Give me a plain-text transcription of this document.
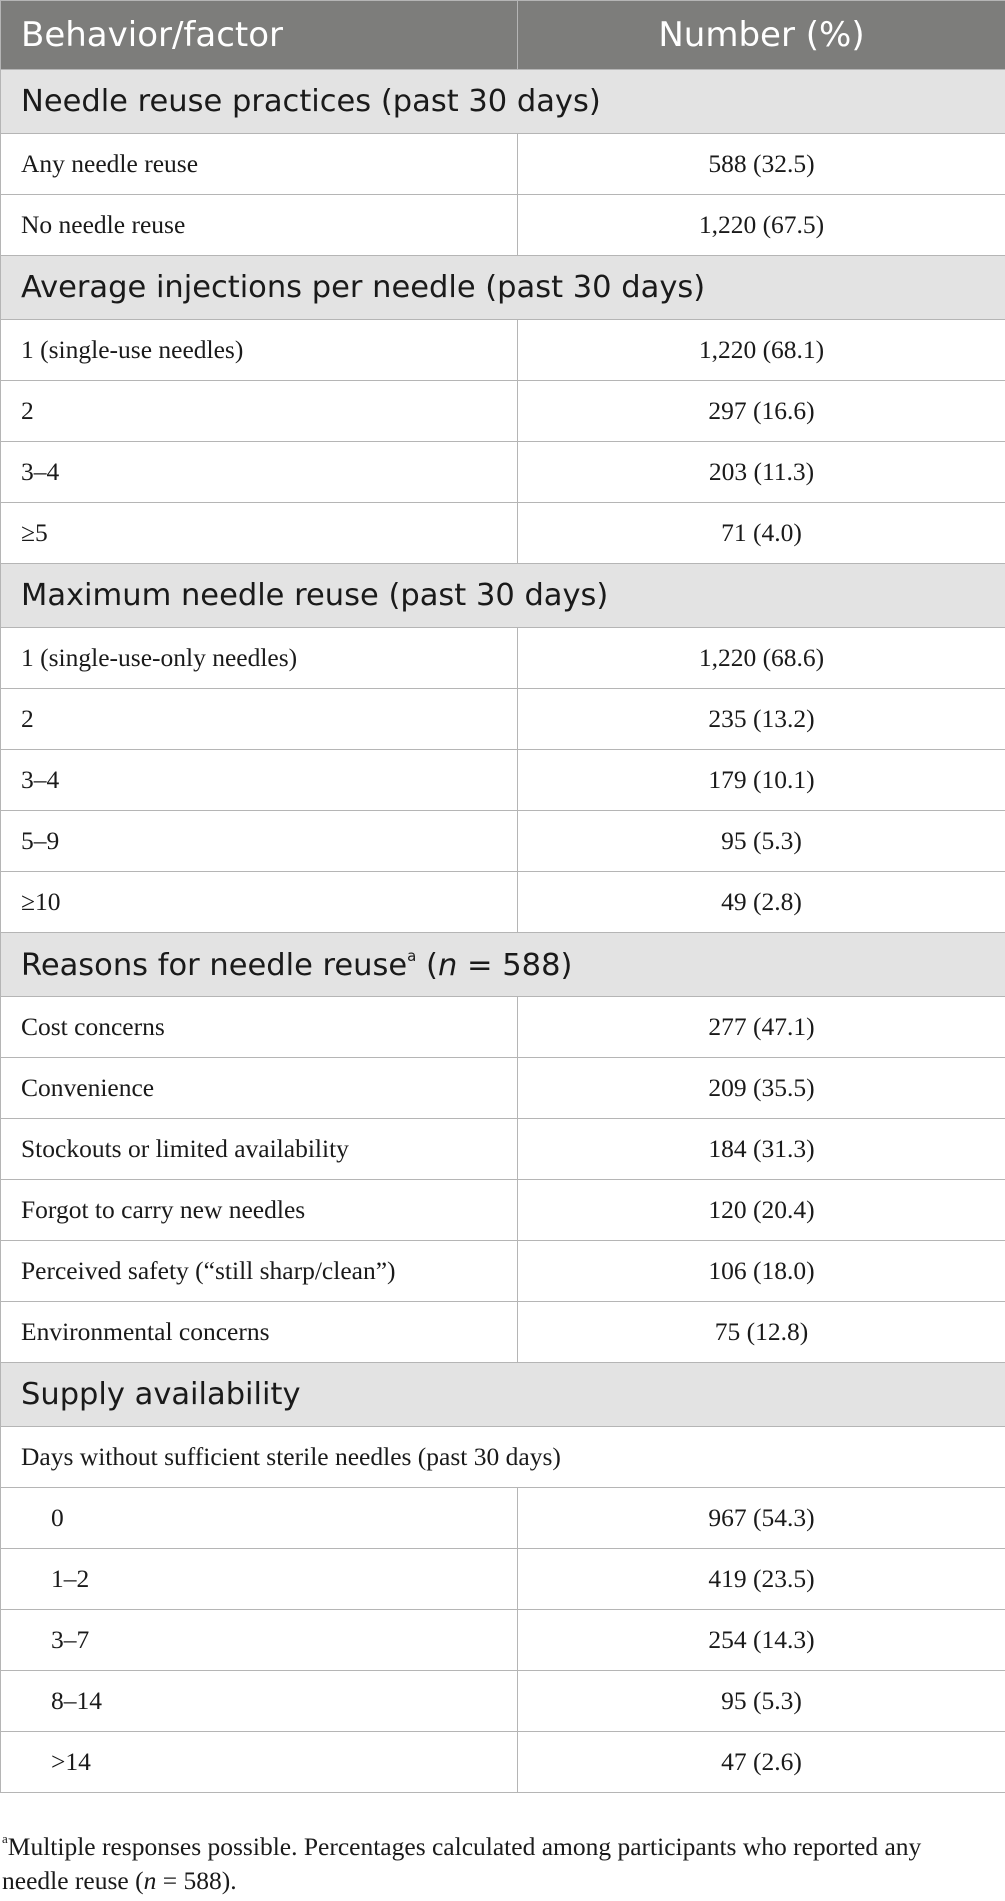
Behavior/factor	Number (%)
Needle reuse practices (past 30 days)	
Any needle reuse	588 (32.5)
No needle reuse	1,220 (67.5)
Average injections per needle (past 30 days)	
1 (single-use needles)	1,220 (68.1)
2	297 (16.6)
3–4	203 (11.3)
≥5	71 (4.0)
Maximum needle reuse (past 30 days)	
1 (single-use-only needles)	1,220 (68.6)
2	235 (13.2)
3–4	179 (10.1)
5–9	95 (5.3)
≥10	49 (2.8)
Reasons for needle reuse$^a$ (n = 588)	
Cost concerns	277 (47.1)
Convenience	209 (35.5)
Stockouts or limited availability	184 (31.3)
Forgot to carry new needles	120 (20.4)
Perceived safety (“still sharp/clean”)	106 (18.0)
Environmental concerns	75 (12.8)
Supply availability	
Days without sufficient sterile needles (past 30 days)	
0	967 (54.3)
1–2	419 (23.5)
3–7	254 (14.3)
8–14	95 (5.3)
>14	47 (2.6)
$^a$Multiple responses possible. Percentages calculated among participants who reported any needle reuse (n = 588).
